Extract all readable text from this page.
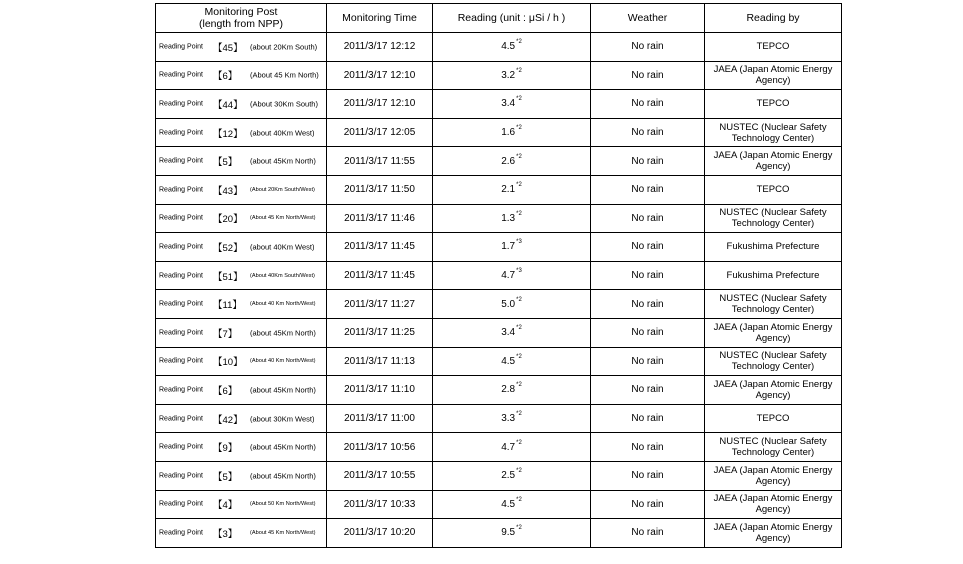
Monitoring Post
(length from NPP)	Monitoring Time	Reading (unit : μSi / h )	Weather	Reading by

Reading Point 【45】 (about 20Km South)	2011/3/17 12:12	4.5$^{*2}$	No rain	TEPCO

Reading Point 【6】 (About 45 Km North)	2011/3/17 12:10	3.2$^{*2}$	No rain	JAEA (Japan Atomic Energy Agency)

Reading Point 【44】 (About 30Km South)	2011/3/17 12:10	3.4$^{*2}$	No rain	TEPCO

Reading Point 【12】 (about 40Km West)	2011/3/17 12:05	1.6$^{*2}$	No rain	NUSTEC (Nuclear Safety Technology Center)

Reading Point 【5】 (about 45Km North)	2011/3/17 11:55	2.6$^{*2}$	No rain	JAEA (Japan Atomic Energy Agency)

Reading Point 【43】 (About 20Km South/West)	2011/3/17 11:50	2.1$^{*2}$	No rain	TEPCO

Reading Point 【20】 (About 45 Km North/West)	2011/3/17 11:46	1.3$^{*2}$	No rain	NUSTEC (Nuclear Safety Technology Center)

Reading Point 【52】 (about 40Km West)	2011/3/17 11:45	1.7$^{*3}$	No rain	Fukushima Prefecture

Reading Point 【51】 (About 40Km South/West)	2011/3/17 11:45	4.7$^{*3}$	No rain	Fukushima Prefecture

Reading Point 【11】 (About 40 Km North/West)	2011/3/17 11:27	5.0$^{*2}$	No rain	NUSTEC (Nuclear Safety Technology Center)

Reading Point 【7】 (about 45Km North)	2011/3/17 11:25	3.4$^{*2}$	No rain	JAEA (Japan Atomic Energy Agency)

Reading Point 【10】 (About 40 Km North/West)	2011/3/17 11:13	4.5$^{*2}$	No rain	NUSTEC (Nuclear Safety Technology Center)

Reading Point 【6】 (about 45Km North)	2011/3/17 11:10	2.8$^{*2}$	No rain	JAEA (Japan Atomic Energy Agency)

Reading Point 【42】 (about 30Km West)	2011/3/17 11:00	3.3$^{*2}$	No rain	TEPCO

Reading Point 【9】 (about 45Km North)	2011/3/17 10:56	4.7$^{*2}$	No rain	NUSTEC (Nuclear Safety Technology Center)

Reading Point 【5】 (about 45Km North)	2011/3/17 10:55	2.5$^{*2}$	No rain	JAEA (Japan Atomic Energy Agency)

Reading Point 【4】 (About 50 Km North/West)	2011/3/17 10:33	4.5$^{*2}$	No rain	JAEA (Japan Atomic Energy Agency)

Reading Point 【3】 (About 45 Km North/West)	2011/3/17 10:20	9.5$^{*2}$	No rain	JAEA (Japan Atomic Energy Agency)
